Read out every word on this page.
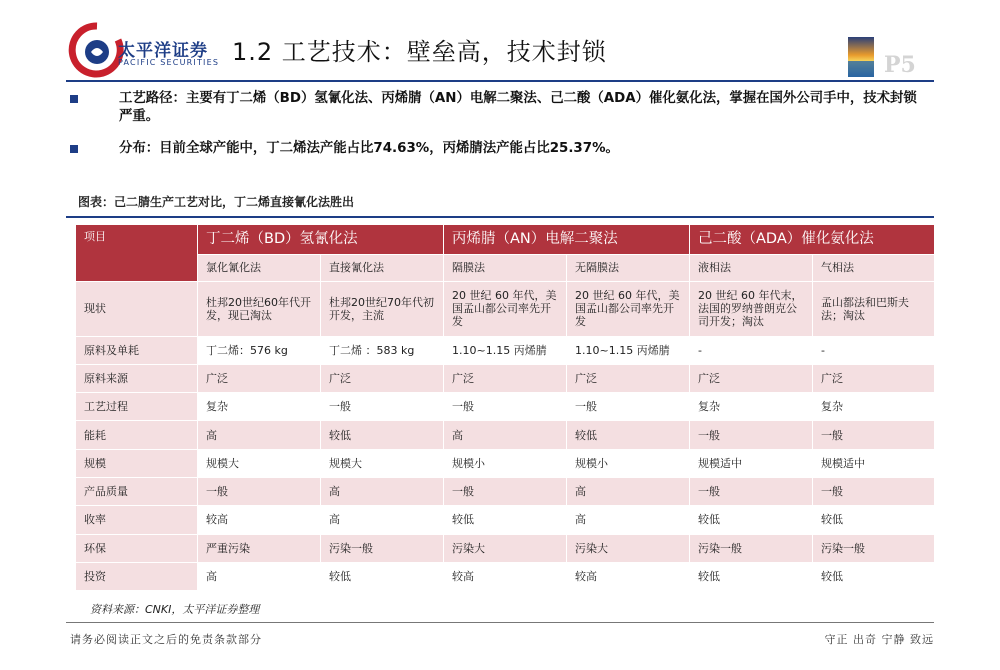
太平洋证券
PACIFIC SECURITIES 1.2 工艺技术：壁垒高，技术封锁	P5
工艺路径：主要有丁二烯（BD）氢氰化法、丙烯腈（AN）电解二聚法、己二酸（ADA）催化氨化法，掌握在国外公司手中，技术封锁严重。
分布：目前全球产能中，丁二烯法产能占比74.63%，丙烯腈法产能占比25.37%。
图表：己二腈生产工艺对比，丁二烯直接氰化法胜出
项目	丁二烯（BD）氢氰化法		丙烯腈（AN）电解二聚法		己二酸（ADA）催化氨化法	
	氯化氰化法	直接氰化法	隔膜法	无隔膜法	液相法	气相法
现状	杜邦20世纪60年代开发，现已淘汰	杜邦20世纪70年代初开发，主流	20 世纪 60 年代，美国孟山都公司率先开发	20 世纪 60 年代，美国孟山都公司率先开发	20 世纪 60 年代末，法国的罗纳普朗克公司开发；淘汰	孟山都法和巴斯夫法；淘汰
原料及单耗	丁二烯：576 kg	丁二烯 ：583 kg	1.10~1.15 丙烯腈	1.10~1.15 丙烯腈	-	-
原料来源	广泛	广泛	广泛	广泛	广泛	广泛
工艺过程	复杂	一般	一般	一般	复杂	复杂
能耗	高	较低	高	较低	一般	一般
规模	规模大	规模大	规模小	规模小	规模适中	规模适中
产品质量	一般	高	一般	高	一般	一般
收率	较高	高	较低	高	较低	较低
环保	严重污染	污染一般	污染大	污染大	污染一般	污染一般
投资	高	较低	较高	较高	较低	较低
资料来源：CNKI，太平洋证券整理
请务必阅读正文之后的免责条款部分	守正 出奇 宁静 致远
